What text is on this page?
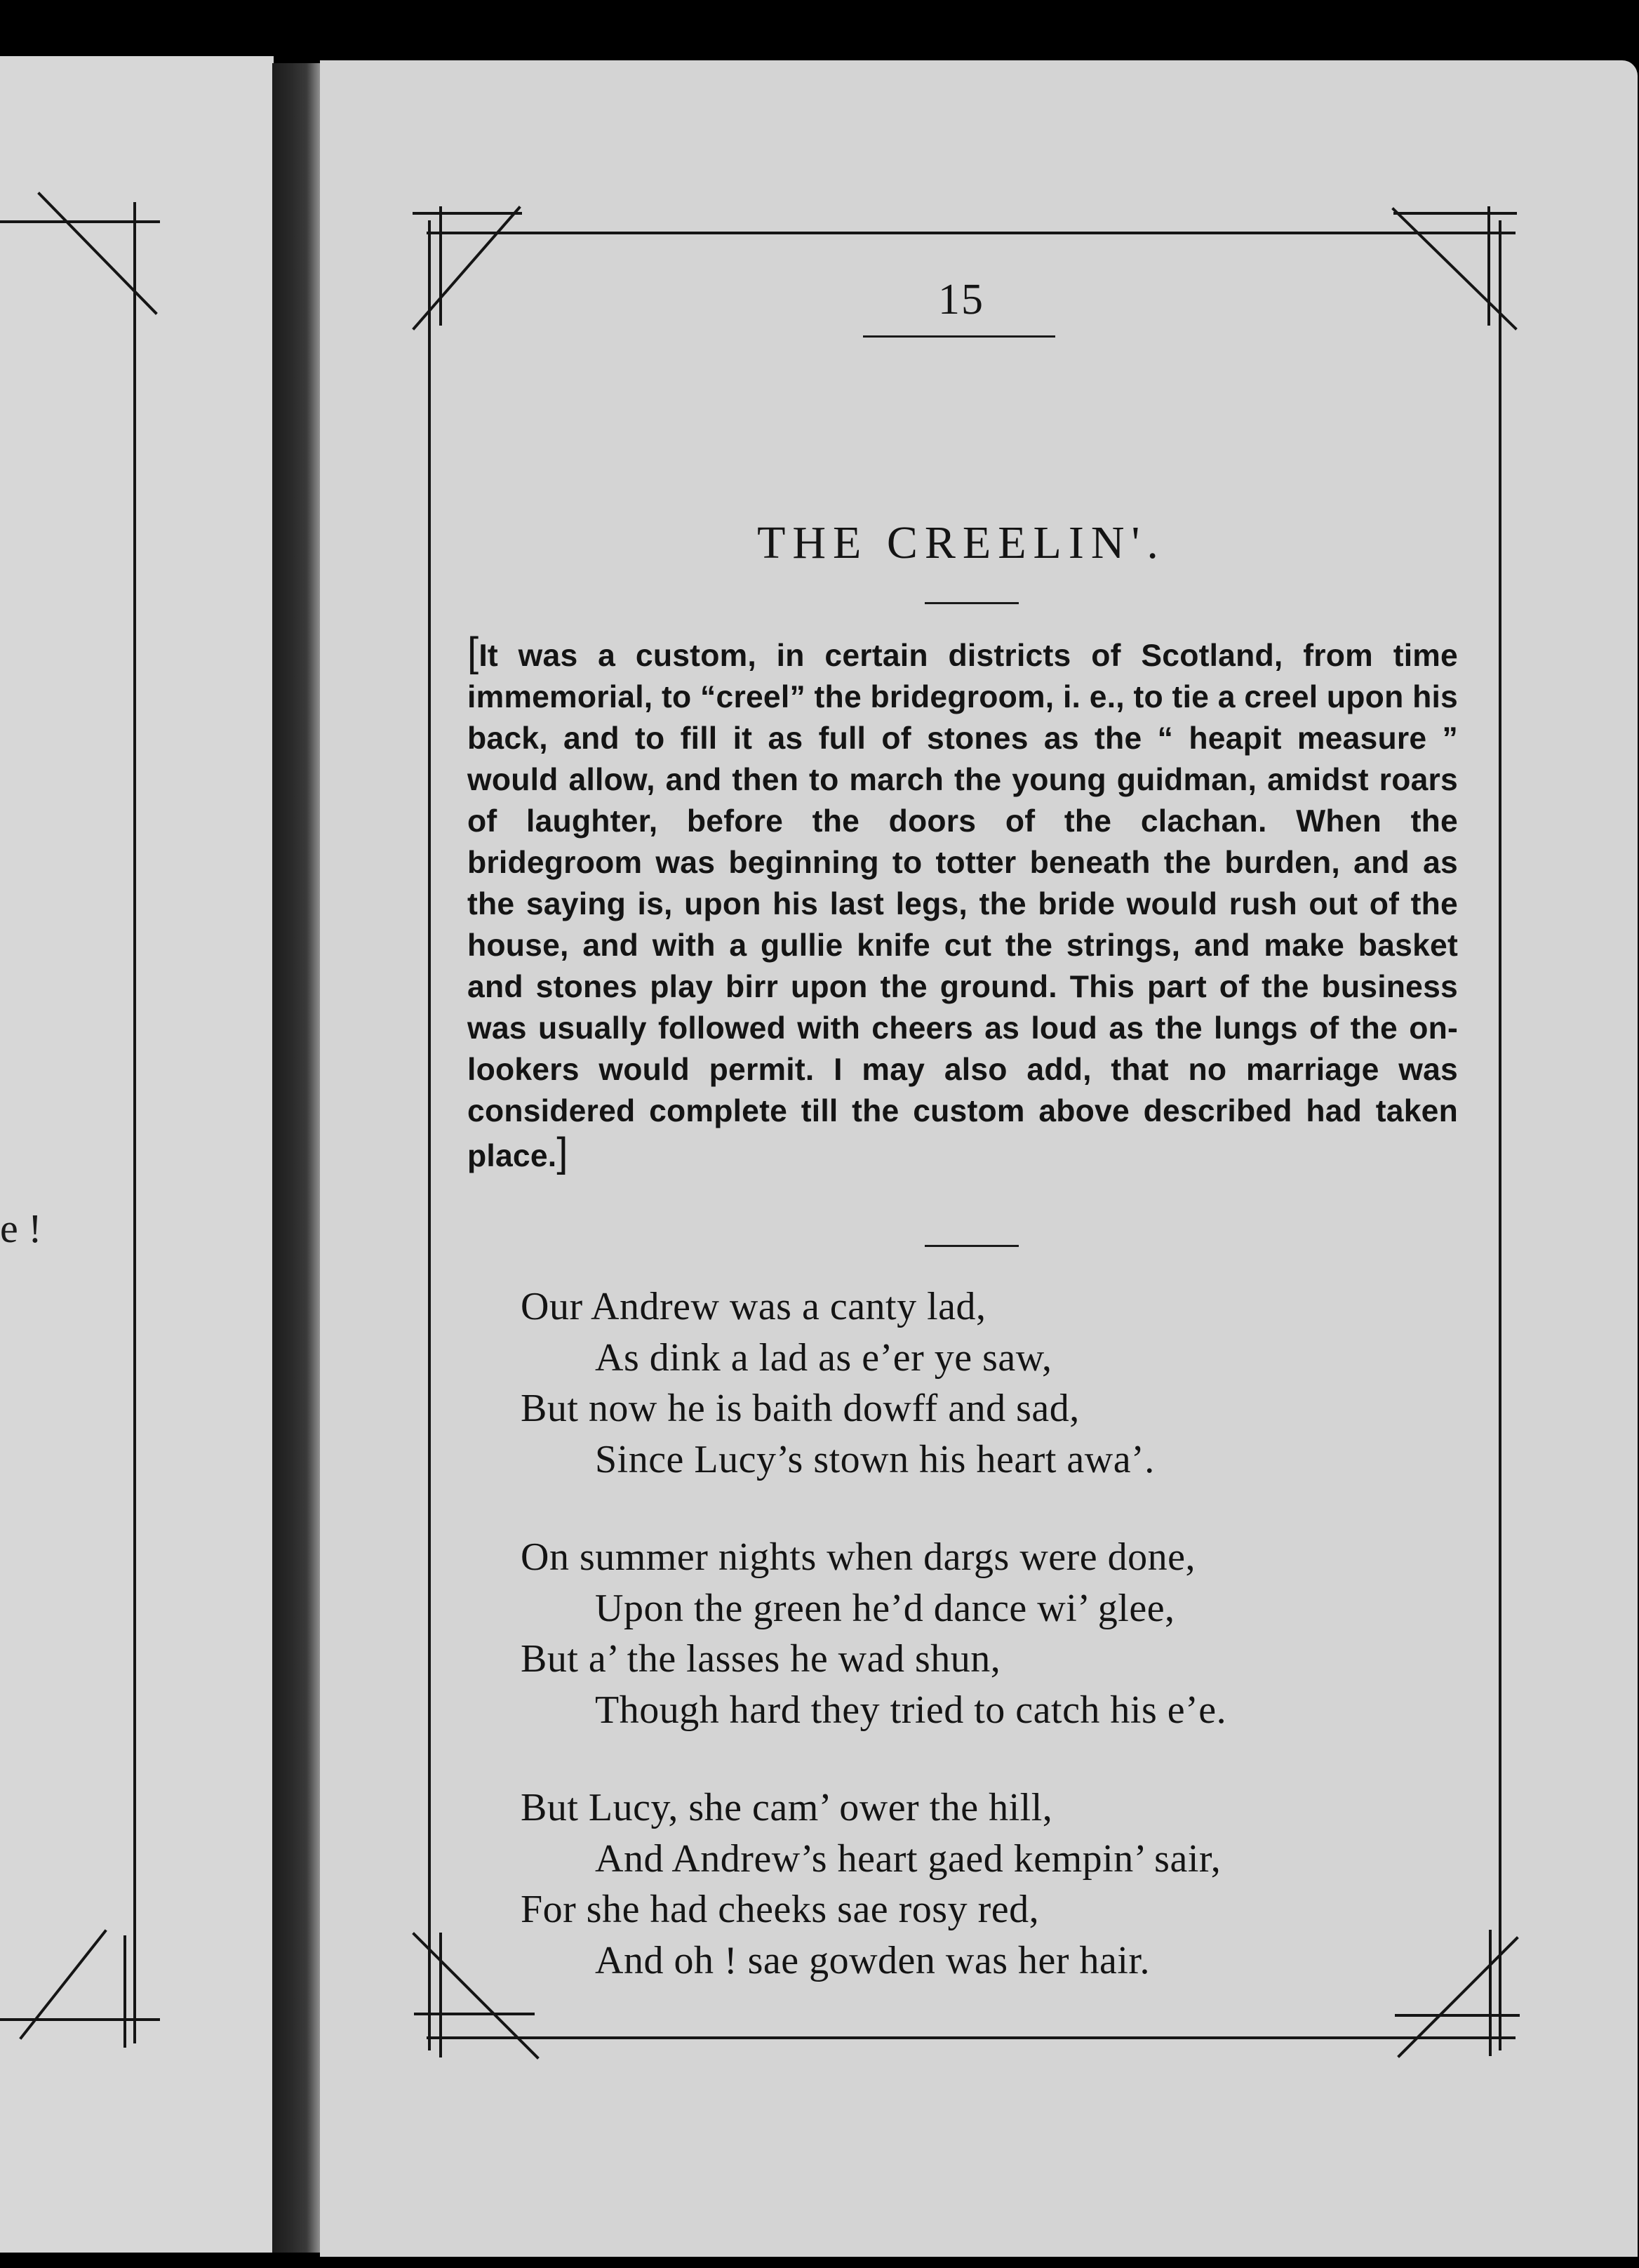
e !
15
THE CREELIN'.

[It was a custom, in certain districts of Scotland, from time immemorial, to “creel” the bridegroom, i. e., to tie a creel upon his back, and to fill it as full of stones as the “ heapit measure ” would allow, and then to march the young guidman, amidst roars of laughter, before the doors of the clachan. When the bridegroom was beginning to totter beneath the burden, and as the saying is, upon his last legs, the bride would rush out of the house, and with a gullie knife cut the strings, and make basket and stones play birr upon the ground. This part of the business was usually followed with cheers as loud as the lungs of the on-lookers would permit. I may also add, that no marriage was considered complete till the custom above described had taken place.]

Our Andrew was a canty lad,
As dink a lad as e’er ye saw,
But now he is baith dowff and sad,
Since Lucy’s stown his heart awa’.
On summer nights when dargs were done,
Upon the green he’d dance wi’ glee,
But a’ the lasses he wad shun,
Though hard they tried to catch his e’e.
But Lucy, she cam’ ower the hill,
And Andrew’s heart gaed kempin’ sair,
For she had cheeks sae rosy red,
And oh ! sae gowden was her hair.
